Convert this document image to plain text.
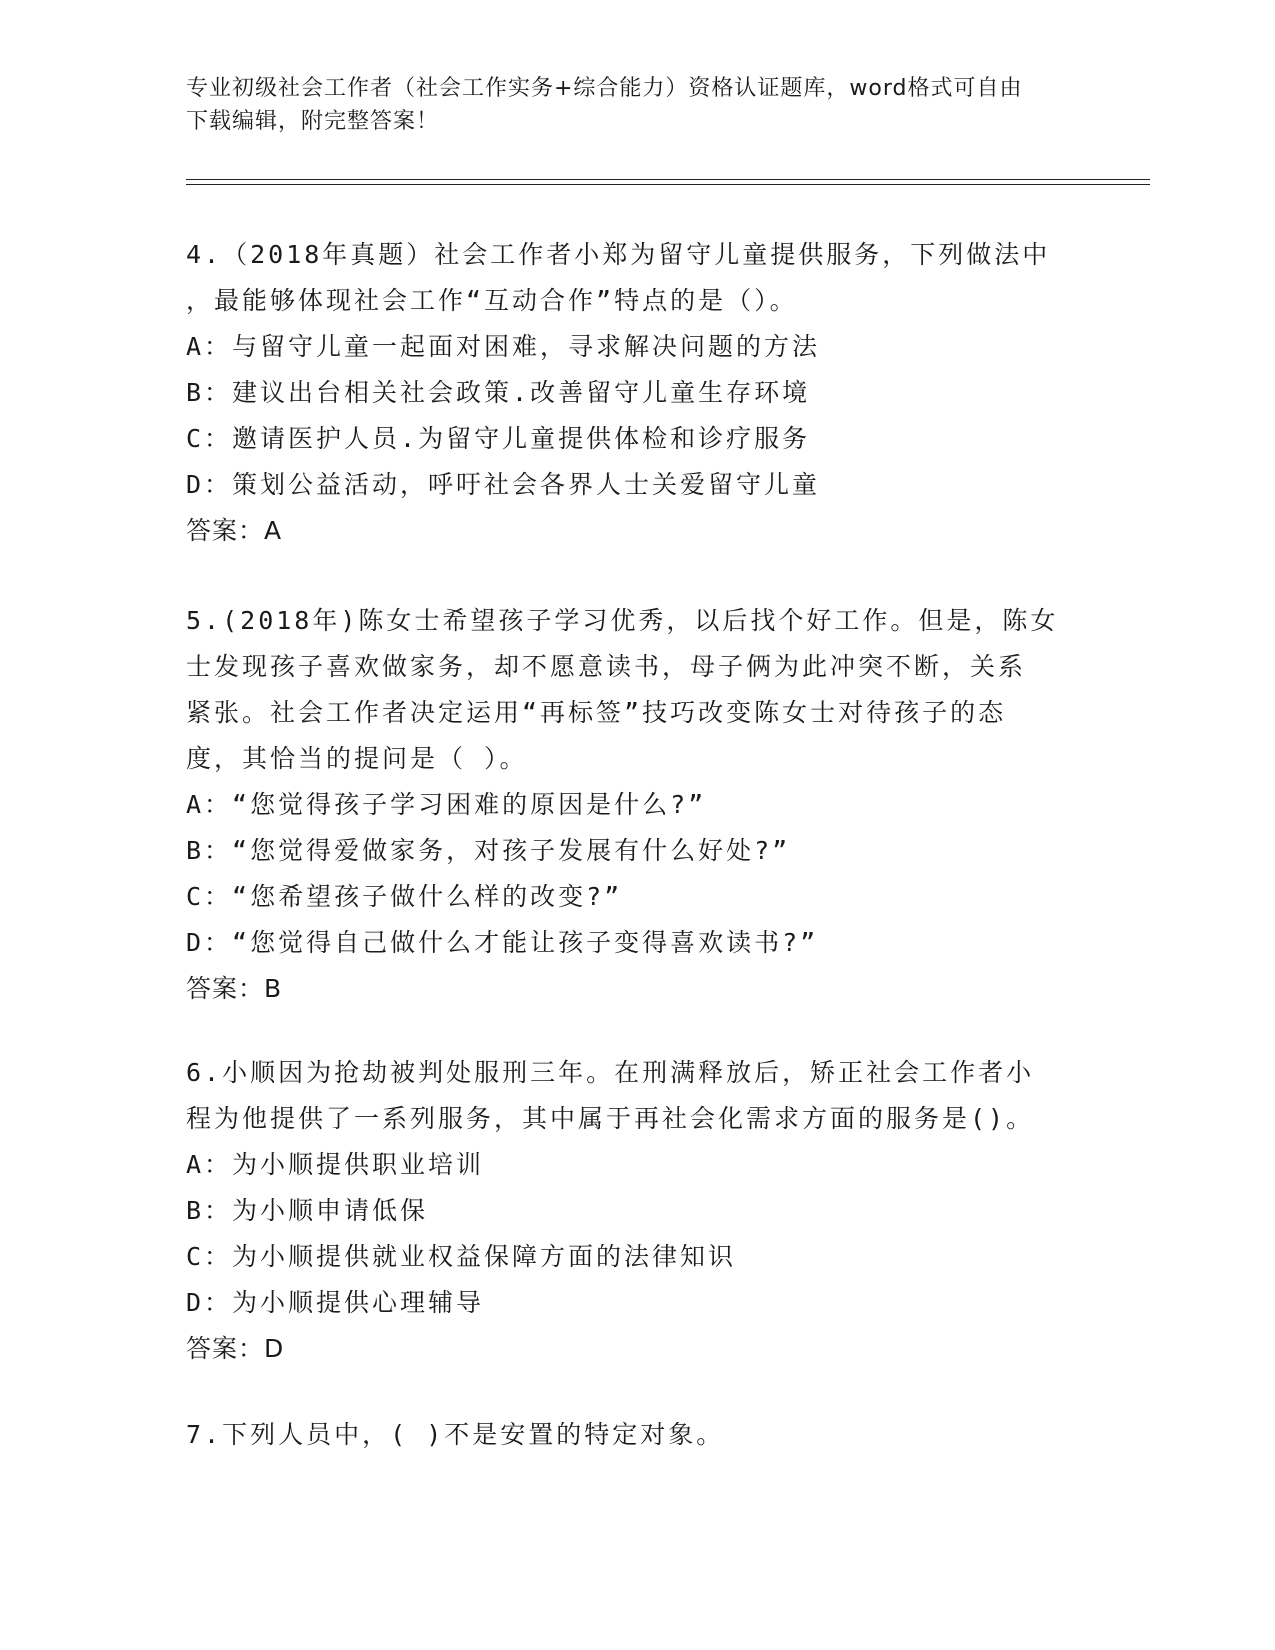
专业初级社会工作者（社会工作实务+综合能力）资格认证题库，word格式可自由
下载编辑，附完整答案！

4.（2018年真题）社会工作者小郑为留守儿童提供服务，下列做法中

，最能够体现社会工作“互动合作”特点的是（）。

A：与留守儿童一起面对困难，寻求解决问题的方法

B：建议出台相关社会政策.改善留守儿童生存环境

C：邀请医护人员.为留守儿童提供体检和诊疗服务

D：策划公益活动，呼吁社会各界人士关爱留守儿童

答案：A

5.(2018年)陈女士希望孩子学习优秀，以后找个好工作。但是，陈女

士发现孩子喜欢做家务，却不愿意读书，母子俩为此冲突不断，关系

紧张。社会工作者决定运用“再标签”技巧改变陈女士对待孩子的态

度，其恰当的提问是（ ）。

A：“您觉得孩子学习困难的原因是什么?”

B：“您觉得爱做家务，对孩子发展有什么好处?”

C：“您希望孩子做什么样的改变?”

D：“您觉得自己做什么才能让孩子变得喜欢读书?”

答案：B

6.小顺因为抢劫被判处服刑三年。在刑满释放后，矫正社会工作者小

程为他提供了一系列服务，其中属于再社会化需求方面的服务是()。

A：为小顺提供职业培训

B：为小顺申请低保

C：为小顺提供就业权益保障方面的法律知识

D：为小顺提供心理辅导

答案：D

7.下列人员中，( )不是安置的特定对象。
